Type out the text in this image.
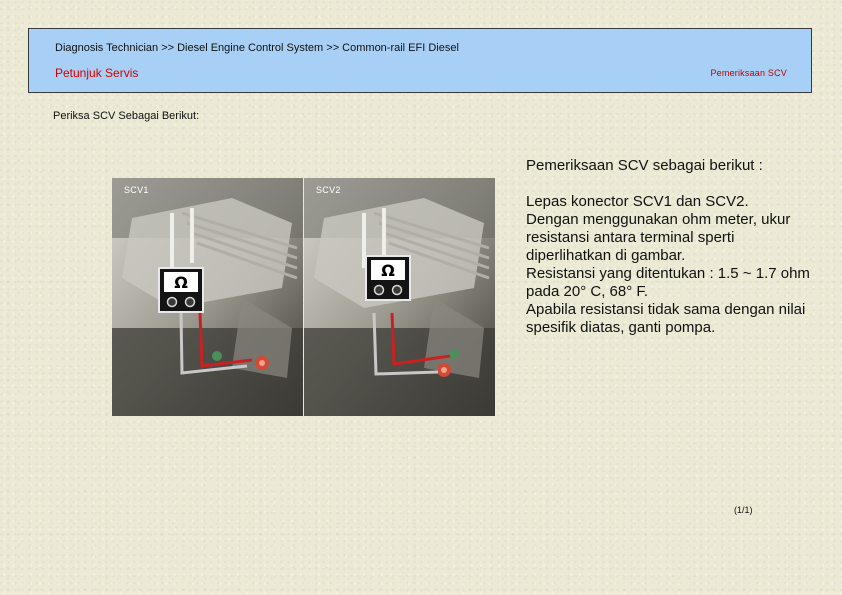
Diagnosis Technician >> Diesel Engine Control System >> Common-rail EFI Diesel
Petunjuk Servis	Pemeriksaan SCV
Periksa SCV Sebagai Berikut:
Ω
SCV1
Ω
SCV2

Pemeriksaan SCV sebagai berikut :

Lepas konector SCV1 dan SCV2.

Dengan menggunakan ohm meter, ukur resistansi antara terminal sperti diperlihatkan di gambar.

Resistansi yang ditentukan : 1.5 ~ 1.7 ohm pada 20° C, 68° F.

Apabila resistansi tidak sama dengan nilai spesifik diatas, ganti pompa.

(1/1)
